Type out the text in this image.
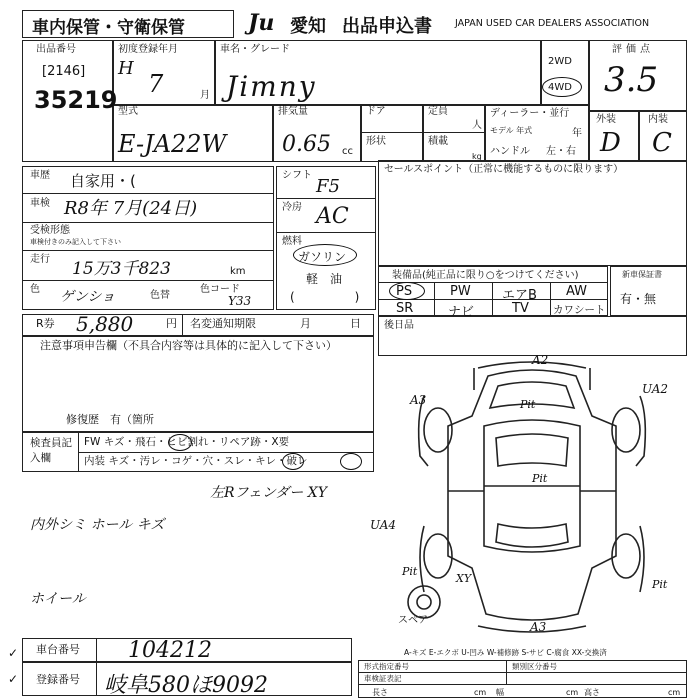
車内保管・守衛保管	Ju 愛知 出品申込書 JAPAN USED CAR DEALERS ASSOCIATION
出品番号
[2146]
35219
初度登録年月
H
7	月
車名・グレード
Jimny
2WD
4WD
評価点
3.5
外装	内装
D C
型式
E-JA22W
排気量
0.65 cc
ドア	定員
人
形状	積載
kg
ディーラー・並行
モデル 年式	年
ハンドル 左・右
車歴 自家用・(
車検 R8年 7月(24日)
受検形態
車検付きのみ記入して下さい
走行 15万3千823	km
色 ゲンショ	色替
色コード
Y33
シフト
F5
冷房 AC
燃料
ガソリン
軽　油
(　　　　　)
セールスポイント（正常に機能するものに限ります）
装備品(純正品に限り○をつけてください)
PS	PW エアB AW
SR	ナビ	TV カワシート
新車保証書
有・無
R券 5,880	円 名変通知期限	月	日 後日品
注意事項申告欄（不具合内容等は具体的に記入して下さい）
修復歴　有（箇所
検査員記入欄
FW キズ・飛石・ヒビ割れ・リペア跡・X要
内装 キズ・汚レ・コゲ・穴・スレ・キレ・破レ
左Rフェンダー XY
内外シミ ホール キズ
ホイール
A2
A3
UA2
Pit
Pit
UA4
Pit
XY	Pit
A3
スペア
A-キズ E-エクボ U-凹み W-補修跡 S-サビ C-腐食 XX-交換済
車台番号 104212
登録番号 岐阜580ほ9092
✓
✓
形式指定番号	類別区分番号
車検証表記
長さ	cm 幅	cm 高さ	cm
